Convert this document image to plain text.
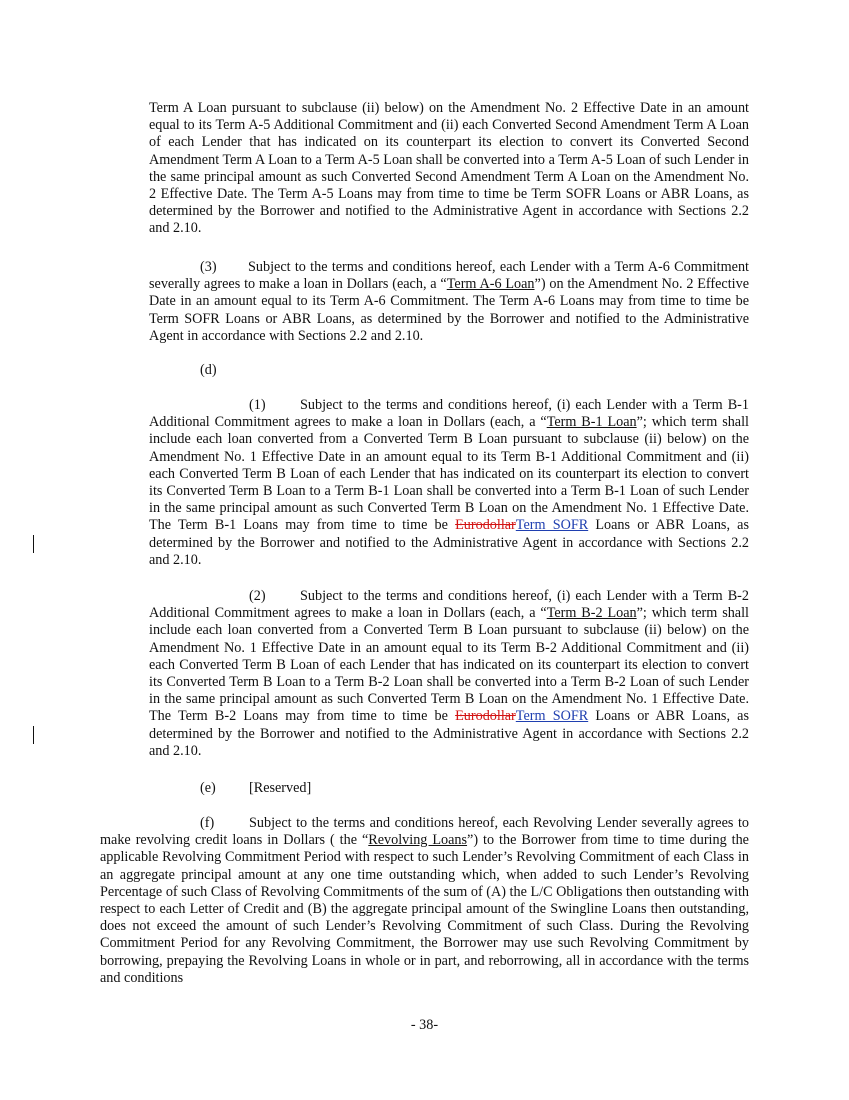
Term A Loan pursuant to subclause (ii) below) on the Amendment No. 2 Effective Date in an amount equal to its Term A-5 Additional Commitment and (ii) each Converted Second Amendment Term A Loan of each Lender that has indicated on its counterpart its election to convert its Converted Second Amendment Term A Loan to a Term A-5 Loan shall be converted into a Term A-5 Loan of such Lender in the same principal amount as such Converted Second Amendment Term A Loan on the Amendment No. 2 Effective Date. The Term A-5 Loans may from time to time be Term SOFR Loans or ABR Loans, as determined by the Borrower and notified to the Administrative Agent in accordance with Sections 2.2 and 2.10.

(3) Subject to the terms and conditions hereof, each Lender with a Term A-6 Commitment severally agrees to make a loan in Dollars (each, a “Term A-6 Loan”) on the Amendment No. 2 Effective Date in an amount equal to its Term A-6 Commitment. The Term A-6 Loans may from time to time be Term SOFR Loans or ABR Loans, as determined by the Borrower and notified to the Administrative Agent in accordance with Sections 2.2 and 2.10.

(d)

(1) Subject to the terms and conditions hereof, (i) each Lender with a Term B-1 Additional Commitment agrees to make a loan in Dollars (each, a “Term B-1 Loan”; which term shall include each loan converted from a Converted Term B Loan pursuant to subclause (ii) below) on the Amendment No. 1 Effective Date in an amount equal to its Term B-1 Additional Commitment and (ii) each Converted Term B Loan of each Lender that has indicated on its counterpart its election to convert its Converted Term B Loan to a Term B-1 Loan shall be converted into a Term B-1 Loan of such Lender in the same principal amount as such Converted Term B Loan on the Amendment No. 1 Effective Date. The Term B-1 Loans may from time to time be EurodollarTerm SOFR Loans or ABR Loans, as determined by the Borrower and notified to the Administrative Agent in accordance with Sections 2.2 and 2.10.

(2) Subject to the terms and conditions hereof, (i) each Lender with a Term B-2 Additional Commitment agrees to make a loan in Dollars (each, a “Term B-2 Loan”; which term shall include each loan converted from a Converted Term B Loan pursuant to subclause (ii) below) on the Amendment No. 1 Effective Date in an amount equal to its Term B-2 Additional Commitment and (ii) each Converted Term B Loan of each Lender that has indicated on its counterpart its election to convert its Converted Term B Loan to a Term B-2 Loan shall be converted into a Term B-2 Loan of such Lender in the same principal amount as such Converted Term B Loan on the Amendment No. 1 Effective Date. The Term B-2 Loans may from time to time be EurodollarTerm SOFR Loans or ABR Loans, as determined by the Borrower and notified to the Administrative Agent in accordance with Sections 2.2 and 2.10.

(e) [Reserved]

(f) Subject to the terms and conditions hereof, each Revolving Lender severally agrees to make revolving credit loans in Dollars ( the “Revolving Loans”) to the Borrower from time to time during the applicable Revolving Commitment Period with respect to such Lender’s Revolving Commitment of each Class in an aggregate principal amount at any one time outstanding which, when added to such Lender’s Revolving Percentage of such Class of Revolving Commitments of the sum of (A) the L/C Obligations then outstanding with respect to each Letter of Credit and (B) the aggregate principal amount of the Swingline Loans then outstanding, does not exceed the amount of such Lender’s Revolving Commitment of such Class. During the Revolving Commitment Period for any Revolving Commitment, the Borrower may use such Revolving Commitment by borrowing, prepaying the Revolving Loans in whole or in part, and reborrowing, all in accordance with the terms and conditions

- 38-
